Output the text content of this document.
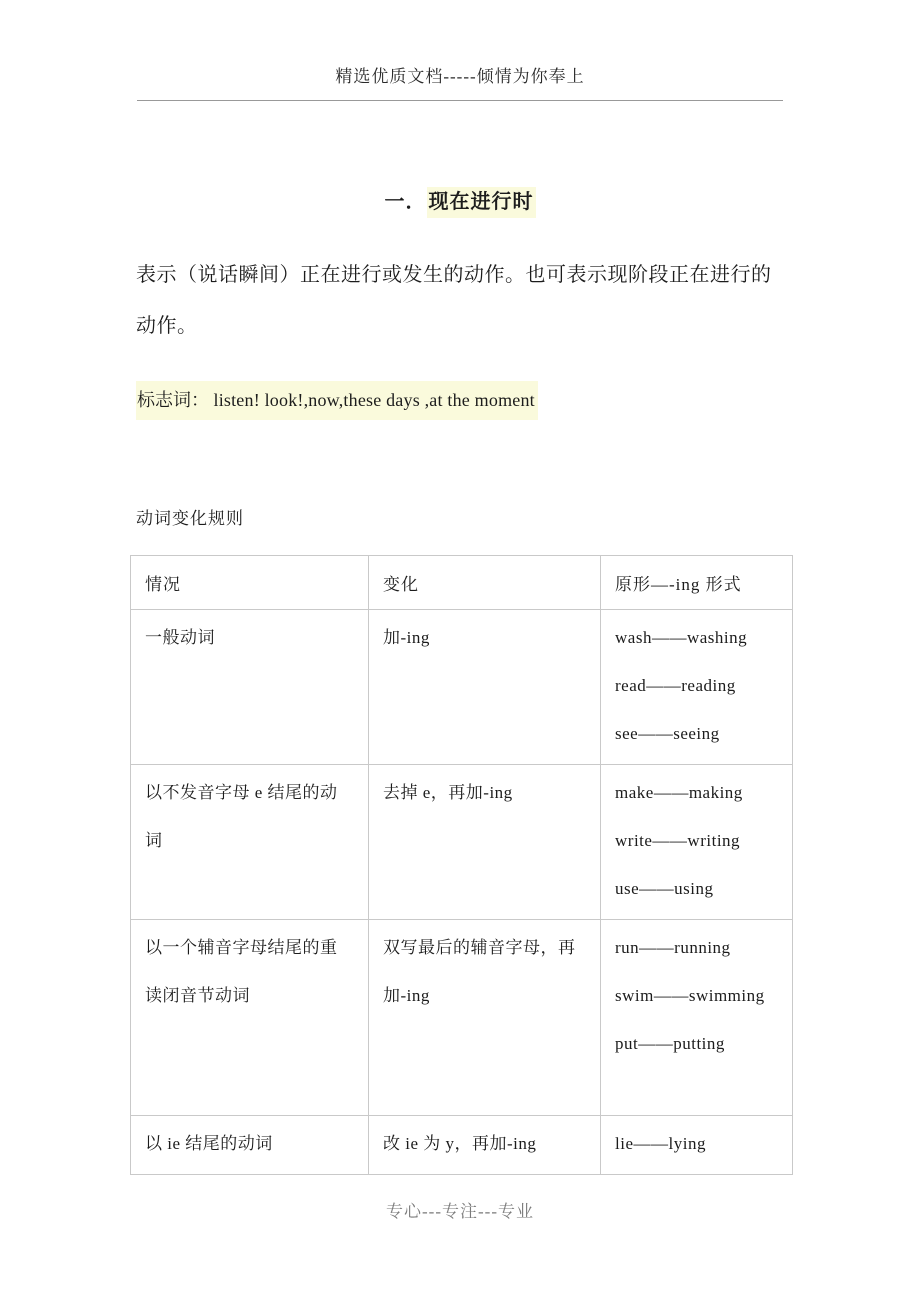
精选优质文档-----倾情为你奉上
一． 现在进行时
表示（说话瞬间）正在进行或发生的动作。也可表示现阶段正在进行的动作。
标志词： listen! look!,now,these days ,at the moment
动词变化规则
情况	变化	原形—-ing 形式
一般动词	加-ing	wash——washing
read——reading
see——seeing

以不发音字母 e 结尾的动词	去掉 e，再加-ing	make——making
write——writing
use——using

以一个辅音字母结尾的重读闭音节动词	双写最后的辅音字母，再加-ing	run——running
swim——swimming
put——putting

以 ie 结尾的动词	改 ie 为 y，再加-ing	lie——lying
专心---专注---专业
